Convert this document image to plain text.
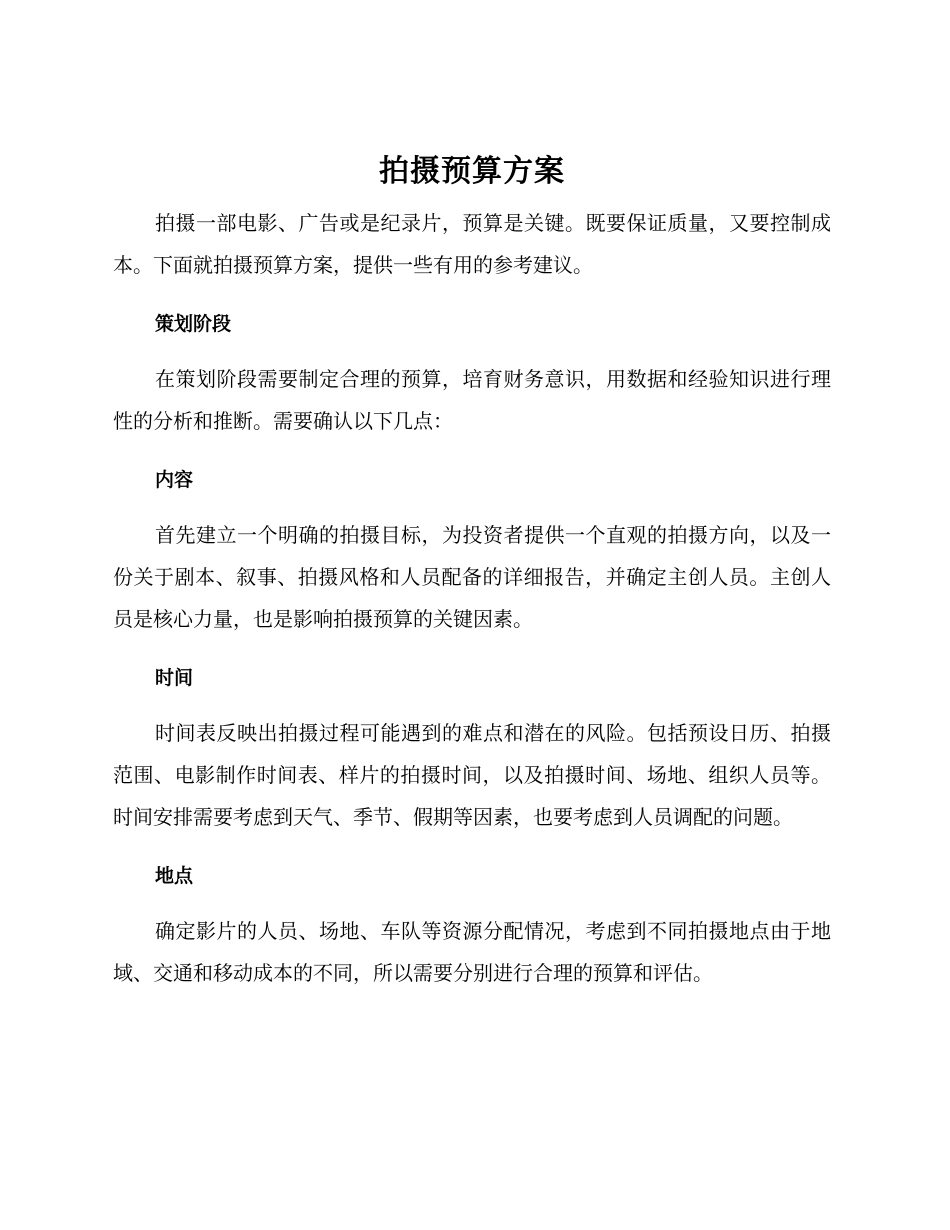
拍摄预算方案

拍摄一部电影、广告或是纪录片，预算是关键。既要保证质量，又要控制成本。下面就拍摄预算方案，提供一些有用的参考建议。

策划阶段

在策划阶段需要制定合理的预算，培育财务意识，用数据和经验知识进行理性的分析和推断。需要确认以下几点：

内容

首先建立一个明确的拍摄目标，为投资者提供一个直观的拍摄方向，以及一份关于剧本、叙事、拍摄风格和人员配备的详细报告，并确定主创人员。主创人员是核心力量，也是影响拍摄预算的关键因素。

时间

时间表反映出拍摄过程可能遇到的难点和潜在的风险。包括预设日历、拍摄范围、电影制作时间表、样片的拍摄时间，以及拍摄时间、场地、组织人员等。时间安排需要考虑到天气、季节、假期等因素，也要考虑到人员调配的问题。

地点

确定影片的人员、场地、车队等资源分配情况，考虑到不同拍摄地点由于地域、交通和移动成本的不同，所以需要分别进行合理的预算和评估。
